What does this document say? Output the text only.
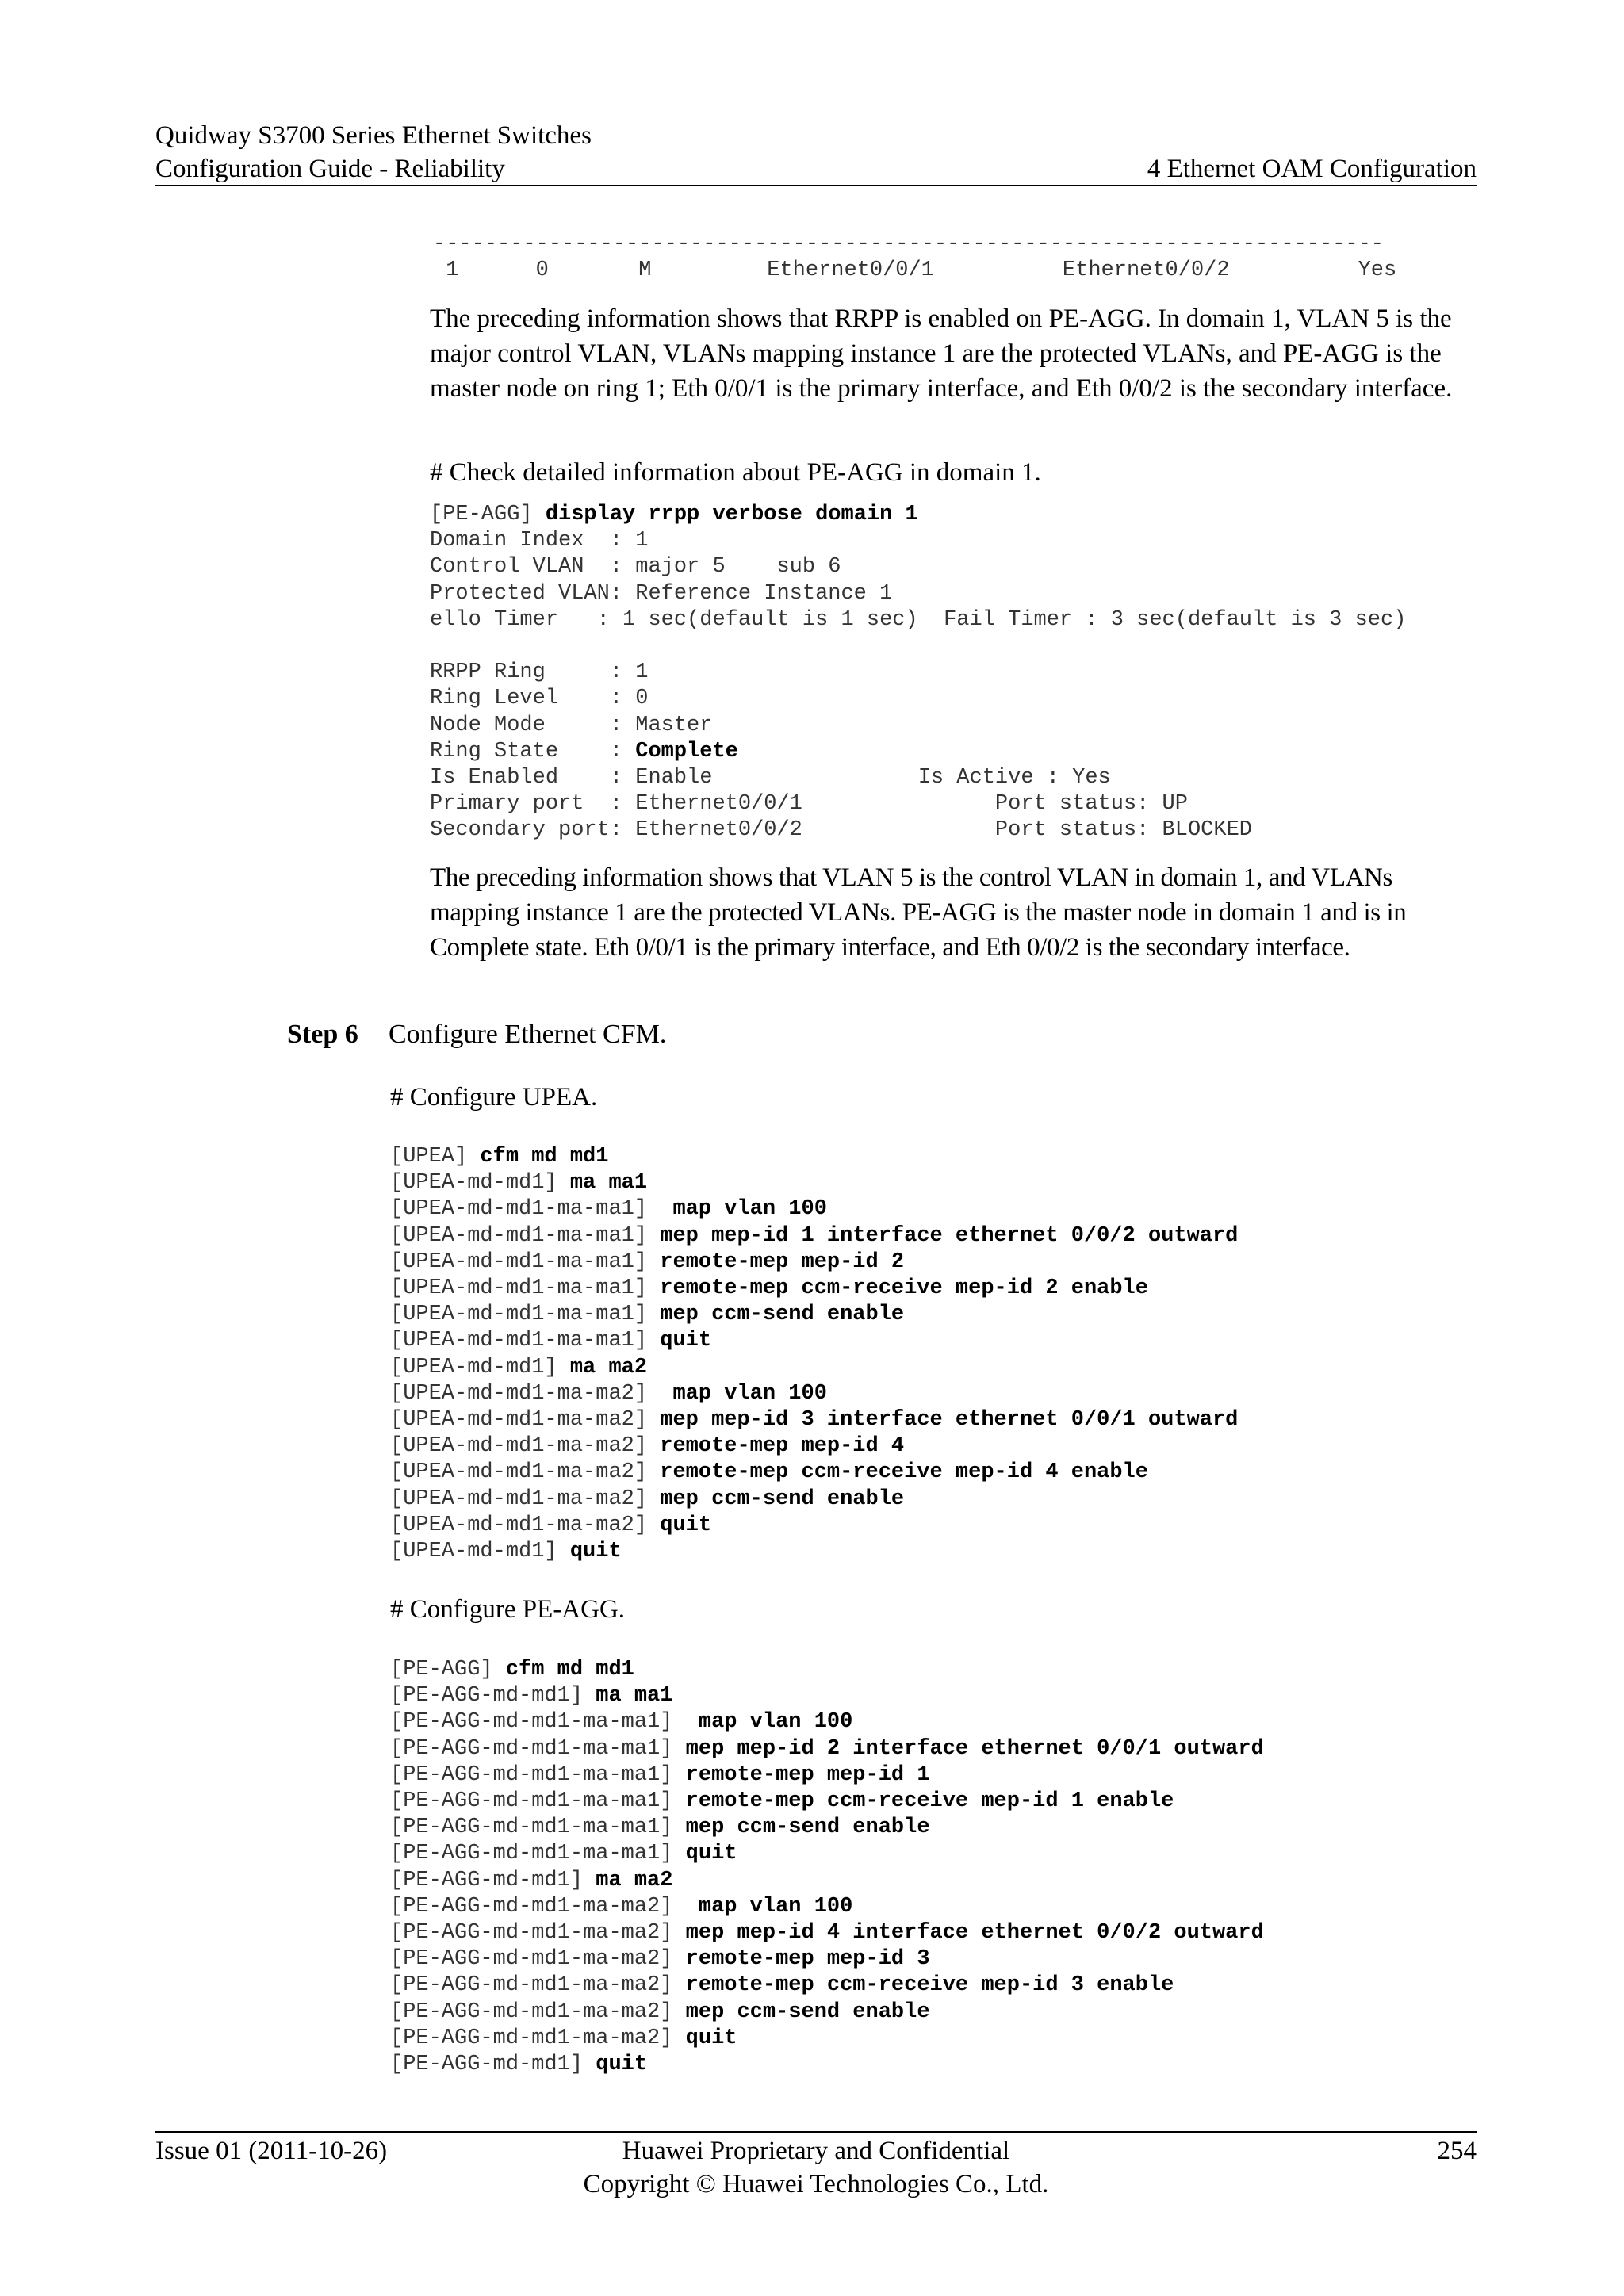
Quidway S3700 Series Ethernet Switches
Configuration Guide - Reliability	4 Ethernet OAM Configuration
--------------------------------------------------------------------------
1      0       M         Ethernet0/0/1          Ethernet0/0/2          Yes

The preceding information shows that RRPP is enabled on PE-AGG. In domain 1, VLAN 5 is the major control VLAN, VLANs mapping instance 1 are the protected VLANs, and PE-AGG is the master node on ring 1; Eth 0/0/1 is the primary interface, and Eth 0/0/2 is the secondary interface.

# Check detailed information about PE-AGG in domain 1.

[PE-AGG] display rrpp verbose domain 1
Domain Index  : 1
Control VLAN  : major 5    sub 6
Protected VLAN: Reference Instance 1
ello Timer   : 1 sec(default is 1 sec)  Fail Timer : 3 sec(default is 3 sec)

RRPP Ring     : 1
Ring Level    : 0
Node Mode     : Master
Ring State    : Complete
Is Enabled    : Enable                Is Active : Yes
Primary port  : Ethernet0/0/1               Port status: UP
Secondary port: Ethernet0/0/2               Port status: BLOCKED

The preceding information shows that VLAN 5 is the control VLAN in domain 1, and VLANs mapping instance 1 are the protected VLANs. PE-AGG is the master node in domain 1 and is in Complete state. Eth 0/0/1 is the primary interface, and Eth 0/0/2 is the secondary interface.

Step 6 Configure Ethernet CFM.
# Configure UPEA.
[UPEA] cfm md md1
[UPEA-md-md1] ma ma1
[UPEA-md-md1-ma-ma1]  map vlan 100
[UPEA-md-md1-ma-ma1] mep mep-id 1 interface ethernet 0/0/2 outward
[UPEA-md-md1-ma-ma1] remote-mep mep-id 2
[UPEA-md-md1-ma-ma1] remote-mep ccm-receive mep-id 2 enable
[UPEA-md-md1-ma-ma1] mep ccm-send enable
[UPEA-md-md1-ma-ma1] quit
[UPEA-md-md1] ma ma2
[UPEA-md-md1-ma-ma2]  map vlan 100
[UPEA-md-md1-ma-ma2] mep mep-id 3 interface ethernet 0/0/1 outward
[UPEA-md-md1-ma-ma2] remote-mep mep-id 4
[UPEA-md-md1-ma-ma2] remote-mep ccm-receive mep-id 4 enable
[UPEA-md-md1-ma-ma2] mep ccm-send enable
[UPEA-md-md1-ma-ma2] quit
[UPEA-md-md1] quit
# Configure PE-AGG.
[PE-AGG] cfm md md1
[PE-AGG-md-md1] ma ma1
[PE-AGG-md-md1-ma-ma1]  map vlan 100
[PE-AGG-md-md1-ma-ma1] mep mep-id 2 interface ethernet 0/0/1 outward
[PE-AGG-md-md1-ma-ma1] remote-mep mep-id 1
[PE-AGG-md-md1-ma-ma1] remote-mep ccm-receive mep-id 1 enable
[PE-AGG-md-md1-ma-ma1] mep ccm-send enable
[PE-AGG-md-md1-ma-ma1] quit
[PE-AGG-md-md1] ma ma2
[PE-AGG-md-md1-ma-ma2]  map vlan 100
[PE-AGG-md-md1-ma-ma2] mep mep-id 4 interface ethernet 0/0/2 outward
[PE-AGG-md-md1-ma-ma2] remote-mep mep-id 3
[PE-AGG-md-md1-ma-ma2] remote-mep ccm-receive mep-id 3 enable
[PE-AGG-md-md1-ma-ma2] mep ccm-send enable
[PE-AGG-md-md1-ma-ma2] quit
[PE-AGG-md-md1] quit
Issue 01 (2011-10-26)	Huawei Proprietary and Confidential
Copyright © Huawei Technologies Co., Ltd.
254
